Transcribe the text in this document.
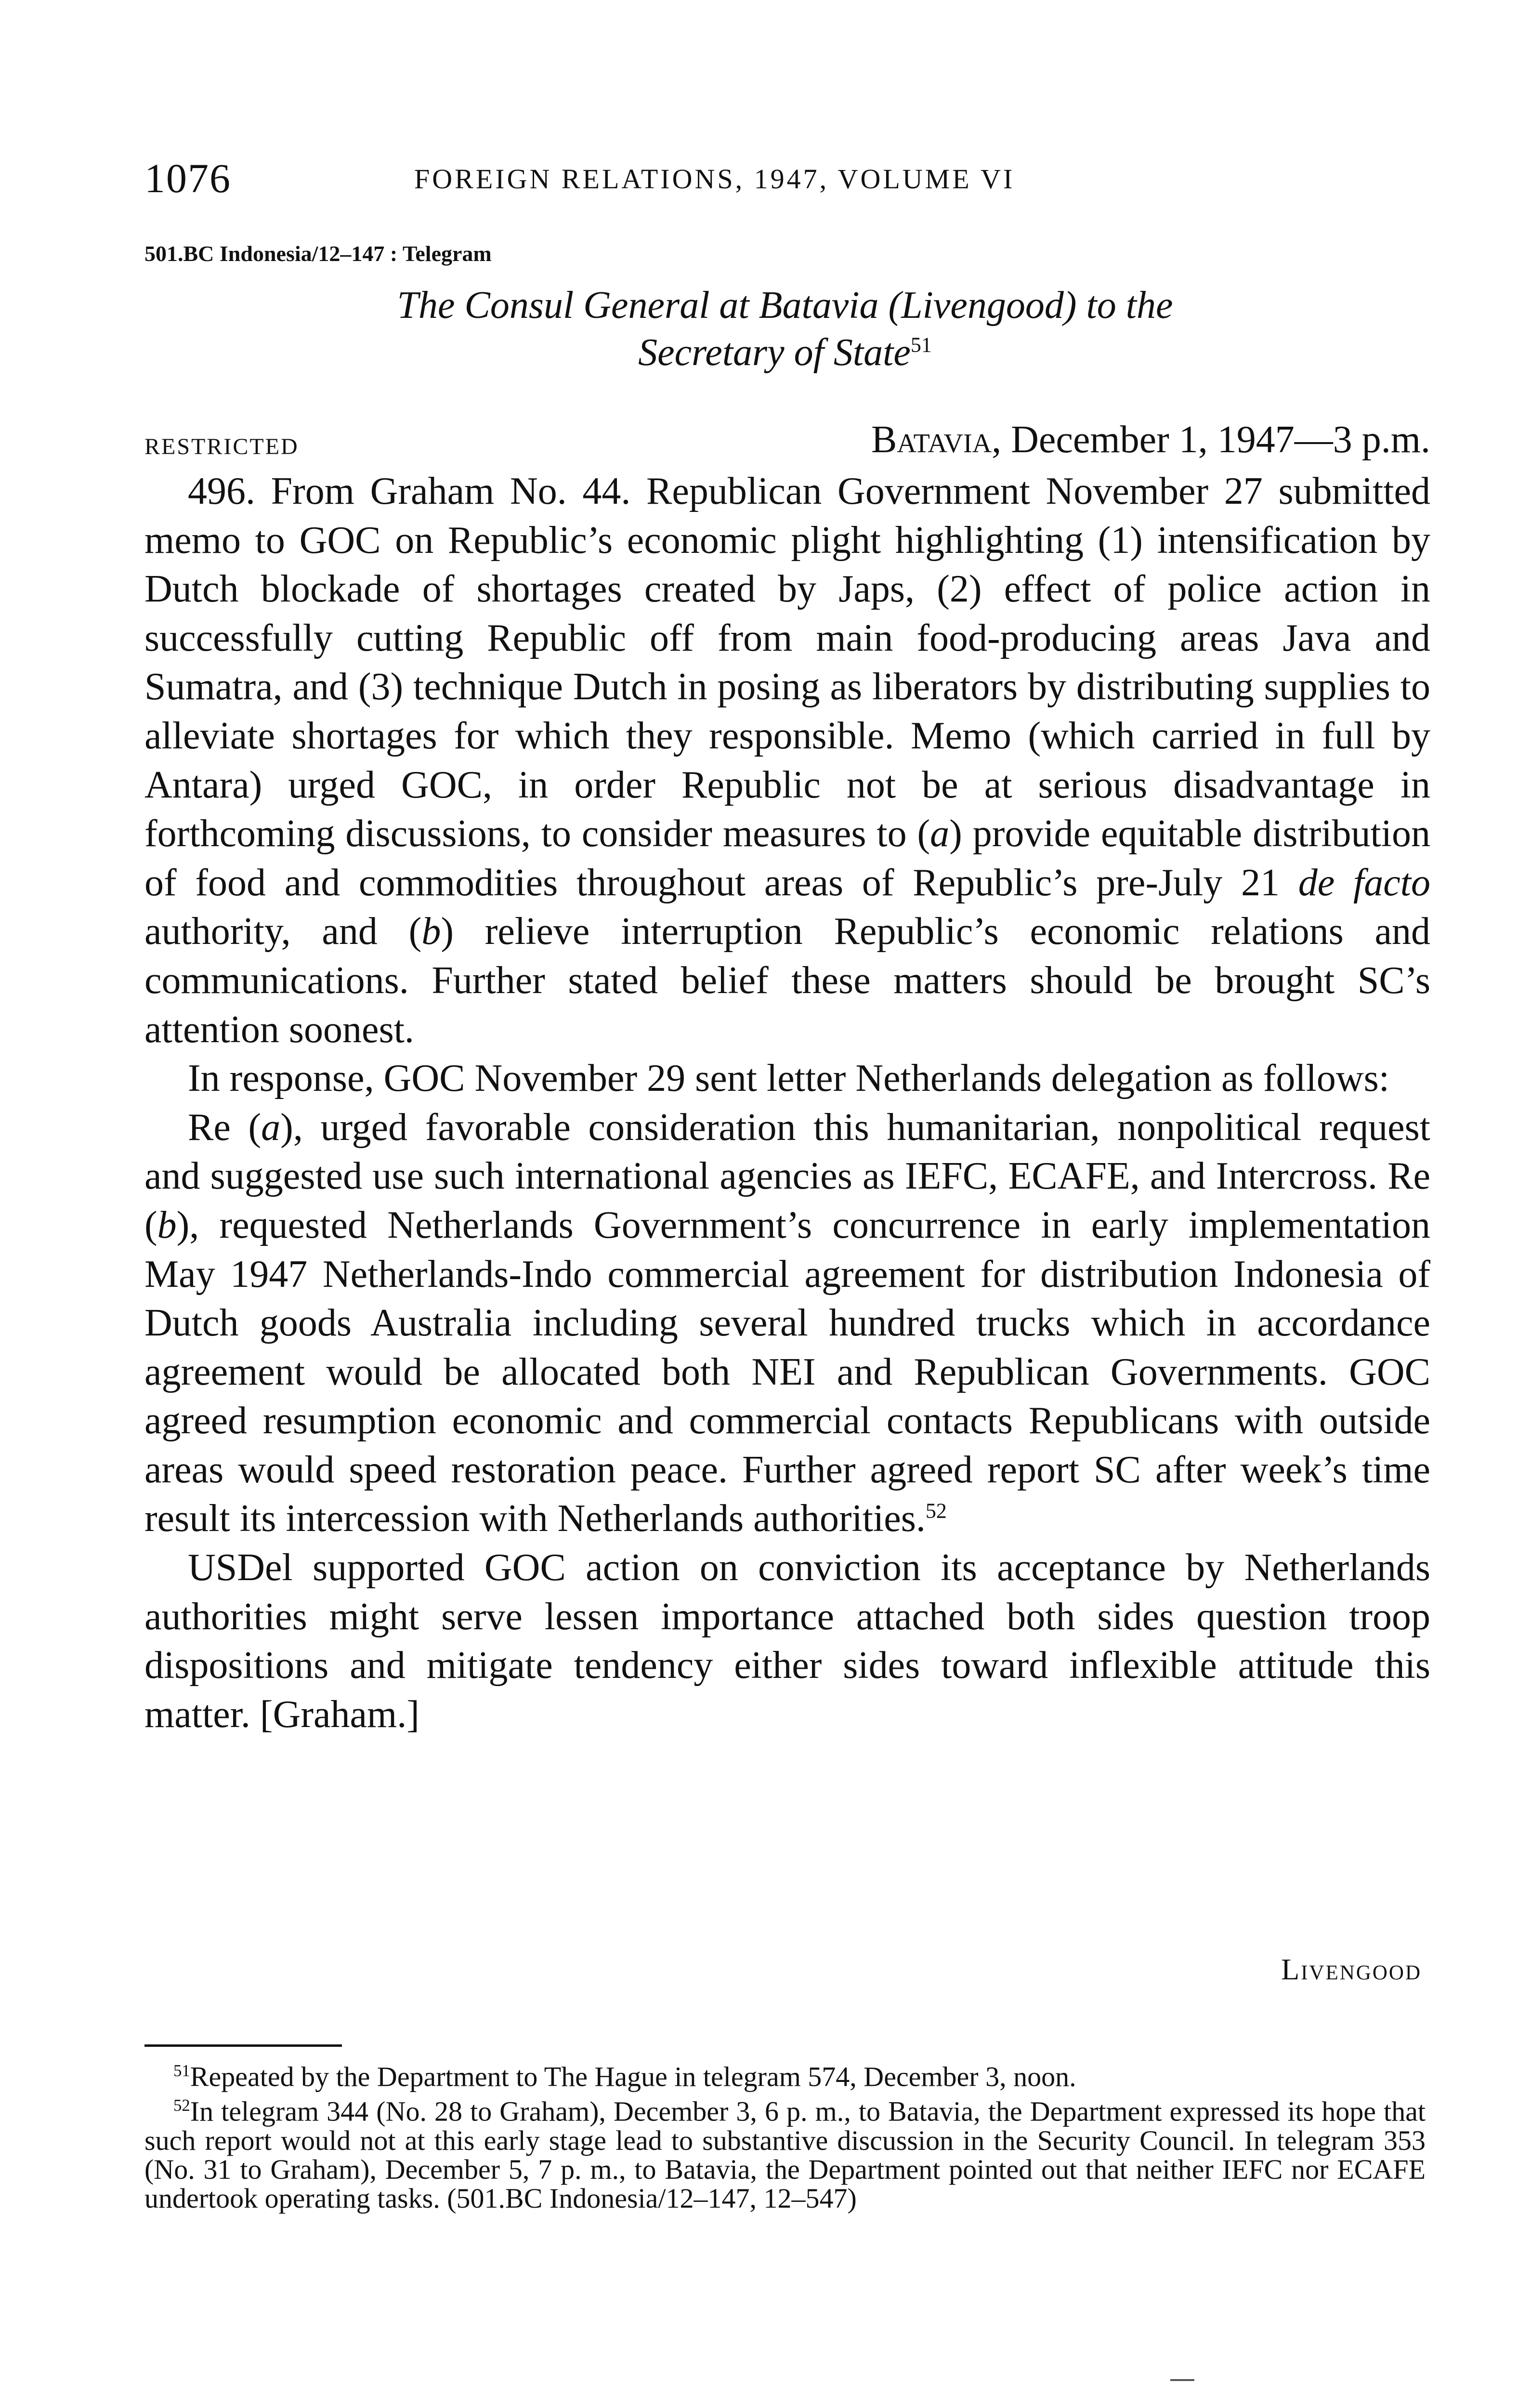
1076	FOREIGN RELATIONS, 1947, VOLUME VI
501.BC Indonesia/12–147 : Telegram
The Consul General at Batavia (Livengood) to the
Secretary of State$^{51}$
RESTRICTED	Batavia, December 1, 1947—3 p.m.

496. From Graham No. 44. Republican Government November 27 submitted memo to GOC on Republic’s economic plight highlighting (1) intensification by Dutch blockade of shortages created by Japs, (2) effect of police action in successfully cutting Republic off from main food-producing areas Java and Sumatra, and (3) technique Dutch in posing as liberators by distributing supplies to alleviate shortages for which they responsible. Memo (which carried in full by Antara) urged GOC, in order Republic not be at serious disadvantage in forthcoming discussions, to consider measures to (a) provide equitable distribution of food and commodities throughout areas of Republic’s pre-July 21 de facto authority, and (b) relieve interruption Republic’s economic relations and communications. Further stated belief these matters should be brought SC’s attention soonest.

In response, GOC November 29 sent letter Netherlands delegation as follows:

Re (a), urged favorable consideration this humanitarian, nonpolitical request and suggested use such international agencies as IEFC, ECAFE, and Intercross. Re (b), requested Netherlands Government’s concurrence in early implementation May 1947 Netherlands-Indo commercial agreement for distribution Indonesia of Dutch goods Australia including several hundred trucks which in accordance agreement would be allocated both NEI and Republican Governments. GOC agreed resumption economic and commercial contacts Republicans with outside areas would speed restoration peace. Further agreed report SC after week’s time result its intercession with Netherlands authorities.$^{52}$

USDel supported GOC action on conviction its acceptance by Netherlands authorities might serve lessen importance attached both sides question troop dispositions and mitigate tendency either sides toward inflexible attitude this matter. [Graham.]

Livengood

$^{51}$Repeated by the Department to The Hague in telegram 574, December 3, noon.

$^{52}$In telegram 344 (No. 28 to Graham), December 3, 6 p. m., to Batavia, the Department expressed its hope that such report would not at this early stage lead to substantive discussion in the Security Council. In telegram 353 (No. 31 to Graham), December 5, 7 p. m., to Batavia, the Department pointed out that neither IEFC nor ECAFE undertook operating tasks. (501.BC Indonesia/12–147, 12–547)
